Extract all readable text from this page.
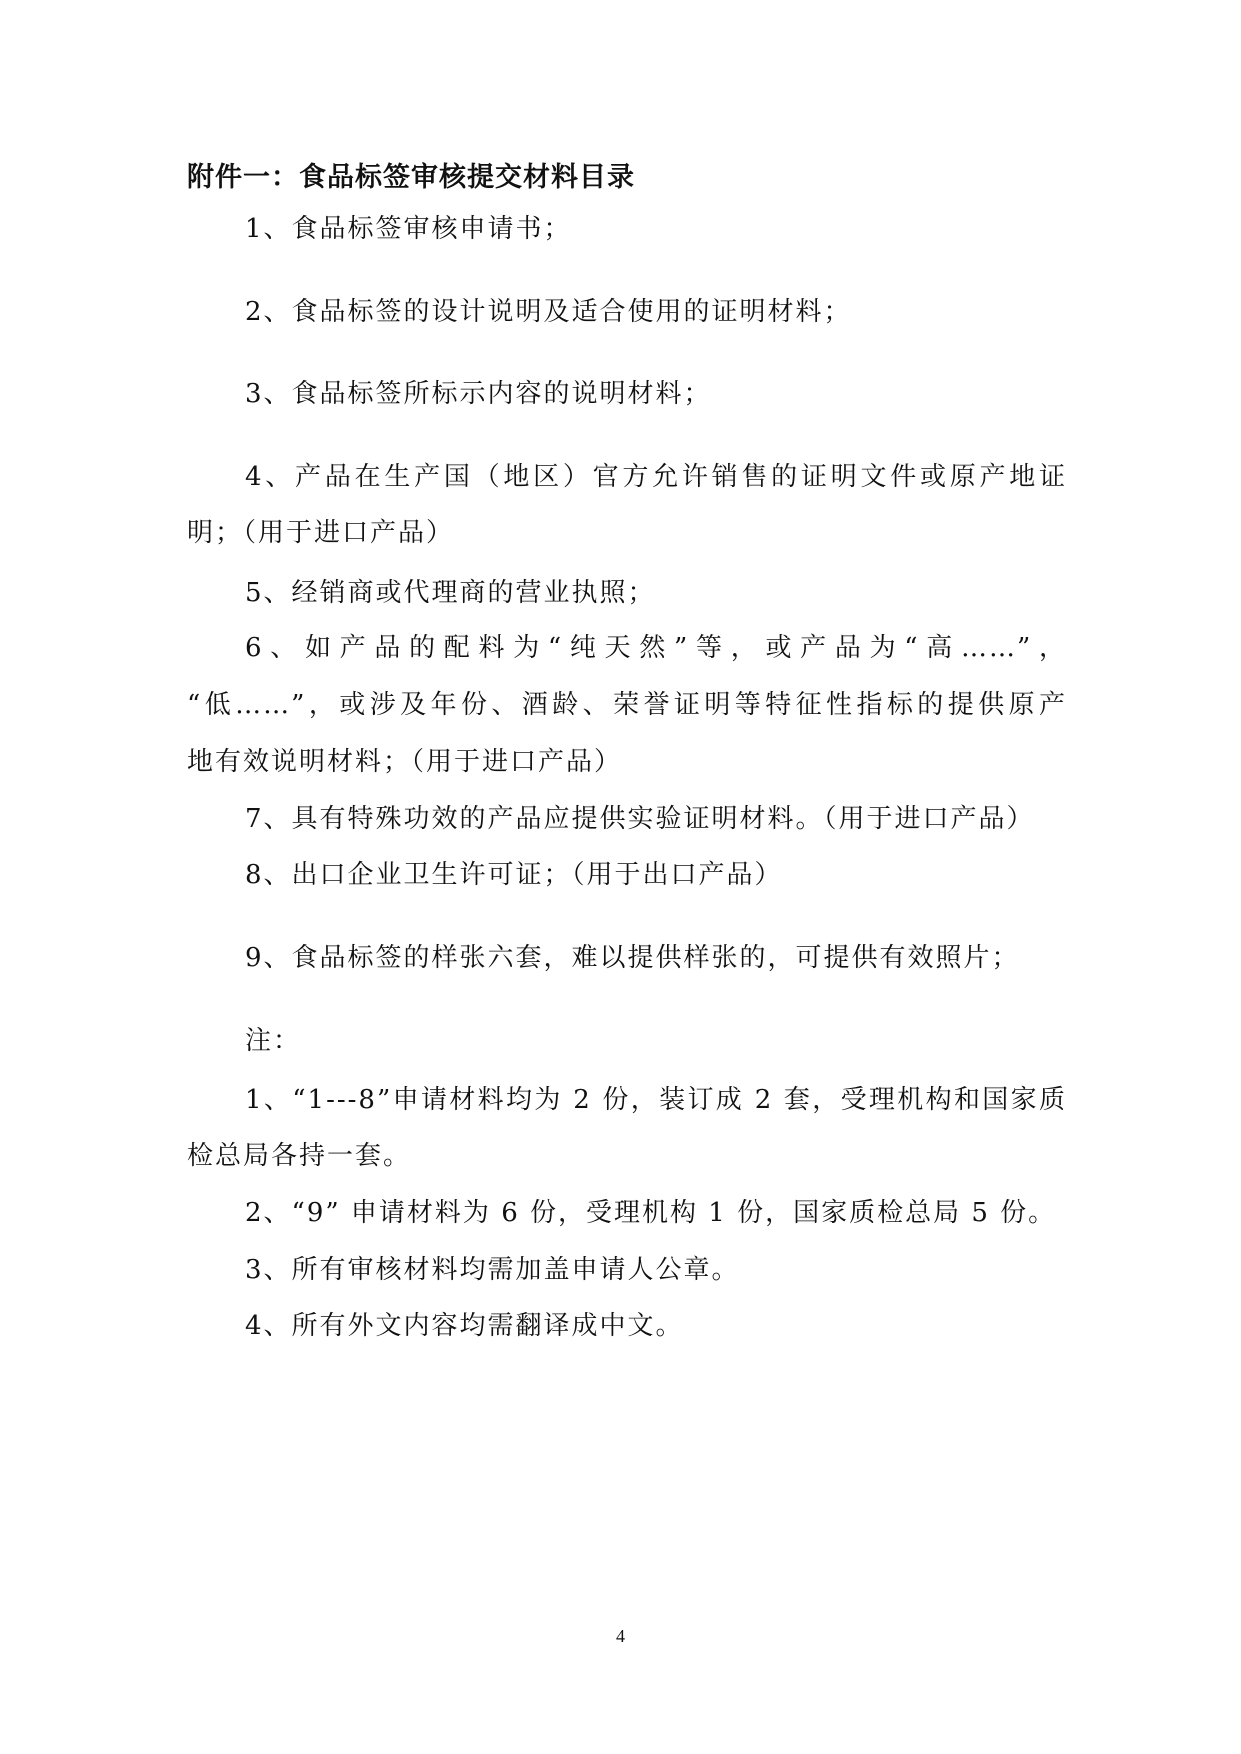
附件一：食品标签审核提交材料目录
1、食品标签审核申请书；
2、食品标签的设计说明及适合使用的证明材料；
3、食品标签所标示内容的说明材料；
4、产品在生产国（地区）官方允许销售的证明文件或原产地证
明；（用于进口产品）
5、经销商或代理商的营业执照；
6、如产品的配料为“纯天然”等，或产品为“高……”，
“低……”，或涉及年份、酒龄、荣誉证明等特征性指标的提供原产
地有效说明材料；（用于进口产品）
7、具有特殊功效的产品应提供实验证明材料。（用于进口产品）
8、出口企业卫生许可证；（用于出口产品）
9、食品标签的样张六套，难以提供样张的，可提供有效照片；
注：
1、“1---8”申请材料均为 2 份，装订成 2 套，受理机构和国家质
检总局各持一套。
2、“9” 申请材料为 6 份，受理机构 1 份，国家质检总局 5 份。
3、所有审核材料均需加盖申请人公章。
4、所有外文内容均需翻译成中文。
4
